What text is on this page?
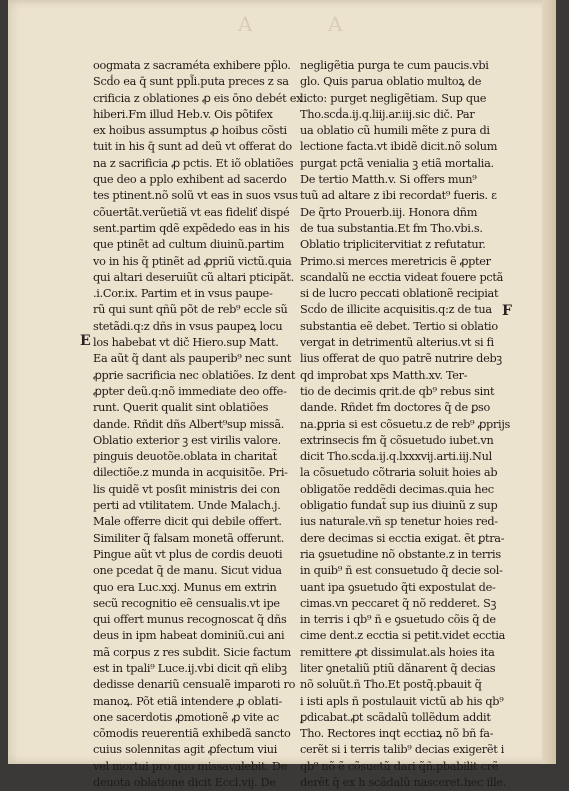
A	A
E
F
oogmata z sacraméta exhibere pp̃lo.
Scḋo ea q̄ sunt ppl̃i.puta preces z sa
crificia z oblationes ꝓ eis ōno debét ex
hiberi.Fm illud Heb.v. Ois põtifex
ex hoibus assumptus ꝓ hoibus cõsti
tuit in his q̄ sunt ad deũ vt offerat do
na z sacrificia ꝓ pctis. Et iõ oblatiões
que deo a pplo exhibent ad sacerdo
tes ptinent.nõ solũ vt eas in suos vsus
cõuertãt.verũetiã vt eas fideliť dispé
sent.partim qdẽ expẽdedo eas in his
que ptinẽt ad cultum diuinũ.partim
vo in his q̃ ptinẽt ad ꝓpriũ victũ.quia
qui altari deseruiũt cũ altari pticipãt.
.i.Cor.ix. Partim et in vsus paupe-
rũ qui sunt qñũ põt de reb⁹ eccle sũ
stetãdi.q:z dñs in vsus paupeꝝ locu
los habebat vt dič Hiero.sup Matt.
Ea aũt q̃ dant als pauperib⁹ nec sunt
ꝓprie sacrificia nec oblatiões. Iz dent
ꝓpter deũ.q:nõ immediate deo offe-
runt. Querit qualit sint oblatiões
dande. Rñdit dñs Albert⁹sup missã.
Oblatio exterior ꝫ est virilis valore.
pinguis deuotõe.oblata in charitat̃
dilectiõe.z munda in acquisitõe. Pri-
lis quidẽ vt posſit ministris dei con
perti ad vtilitatem. Unde Malach.j.
Male offerre dicit qui debile offert.
Similiter q̃ falsam monetã offerunt.
Pingue aũt vt plus de cordis deuoti
one pcedat q̃ de manu. Sicut vidua
quo era Luc.xxj. Munus em extrin
secũ recognitio eẽ censualis.vt ipe
qui offert munus recognoscat q̃ dñs
deus in ipm habeat dominiũ.cui ani
mã corpus z res subdit. Sicie factum
est in tpali⁹ Luce.ij.vbi dicit qñ elibꝫ
dedisse denariũ censualẽ imparoti ro
manoꝝ. Põt etiã intendere ꝓ oblati-
one sacerdotis ꝓmotionẽ ꝓ vite ac
cõmodis reuerentiã exhibedã sancto
cuius solennitas agit ꝓfectum viui
vel mortui pro quo missavalebit. De
deuota oblatione dicit Eccl.vij. De
negligẽtia purga te cum paucis.vbi
glo. Quis parua oblatio multoꝝ de
licto: purget negligẽtiam. Sup que
Tho.scḋa.ij.q.liij.ar.iij.sic dič. Par
ua oblatio cũ humili mẽte z pura di
lectione facta.vt ibidẽ dicit.nõ solum
purgat pctã venialia ꝫ etiã mortalia.
De tertio Matth.v. Si offers mun⁹
tuũ ad altare z ibi recordat⁹ fueris. ε
De q̃rto Prouerb.iij. Honora dñm
de tua substantia.Et fm Tho.vbi.s.
Oblatio triplicitervitiat z refutatur.
Primo.si merces meretricis ẽ ꝓpter
scandalũ ne ecctia videat fouere pctã
si de lucro peccati oblationẽ recipiat
Scḋo de illicite acquisitis.q:z de tua
substantia eẽ debet. Tertio si oblatio
vergat in detrimentũ alterius.vt si fi
lius offerat de quo patrẽ nutrire debꝫ
qd improbat xps Matth.xv. Ter-
tio de decimis qrit.de qb⁹ rebus sint
dande. Rñdet fm doctores q̃ de ꝑso
na.ꝑpria si est cõsuetu.z de reb⁹ ꝓprijs
extrinsecis fm q̃ cõsuetudo iubet.vn
dicit Tho.scḋa.ij.q.lxxxvij.arti.iij.Nul
la cõsuetudo cõtraria soluit hoies ab
obligatõe reddẽdi decimas.quia hec
obligatio fundat̃ sup ius diuinũ z sup
ius naturale.vñ sp tenetur hoies red-
dere decimas si ecctia exigat. ẽt ꝑtra-
ria ꝯsuetudine nõ obstante.z in terris
in quib⁹ ñ est consuetudo q̃ decie sol-
uant ipa ꝯsuetudo q̃ti expostulat de-
cimas.vn peccaret q̃ nõ redderet. Sꝫ
in terris i qb⁹ ñ e ꝯsuetudo cõis q̃ de
cime dent.z ecctia si petit.videt ecctia
remittere ꝓt dissimulat.als hoies ita
liter ꝯnetaliũ ptiũ dãnarent q̃ decias
nõ soluũt.ñ Tho.Et postq̃.pbauit q̃
i isti apls ñ postulauit victũ ab his qb⁹
ꝑdicabat.ꝓt scãdalũ tollẽdum addit
Tho. Rectores inqt ecctiaꝝ nõ bñ fa-
cerẽt si i terris talib⁹ decias exigerẽt i
qb⁹ nõ ẽ cõsuetũ dari q̃ñ.pbabilit crẽ
derẽt q̃ ex h scãdalũ nasceret.hec ille.
